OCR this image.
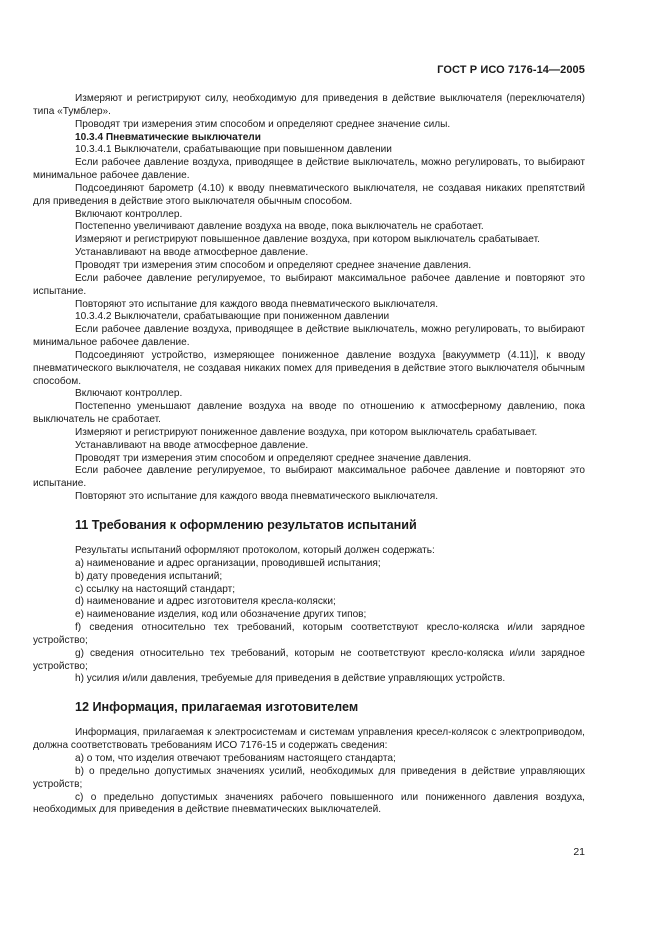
ГОСТ Р ИСО 7176-14—2005

Измеряют и регистрируют силу, необходимую для приведения в действие выключателя (переключателя) типа «Тумблер».

Проводят три измерения этим способом и определяют среднее значение силы.

10.3.4 Пневматические выключатели

10.3.4.1 Выключатели, срабатывающие при повышенном давлении

Если рабочее давление воздуха, приводящее в действие выключатель, можно регулировать, то выбирают минимальное рабочее давление.

Подсоединяют барометр (4.10) к вводу пневматического выключателя, не создавая никаких препятствий для приведения в действие этого выключателя обычным способом.

Включают контроллер.

Постепенно увеличивают давление воздуха на вводе, пока выключатель не сработает.

Измеряют и регистрируют повышенное давление воздуха, при котором выключатель срабатывает.

Устанавливают на вводе атмосферное давление.

Проводят три измерения этим способом и определяют среднее значение давления.

Если рабочее давление регулируемое, то выбирают максимальное рабочее давление и повторяют это испытание.

Повторяют это испытание для каждого ввода пневматического выключателя.

10.3.4.2 Выключатели, срабатывающие при пониженном давлении

Если рабочее давление воздуха, приводящее в действие выключатель, можно регулировать, то выбирают минимальное рабочее давление.

Подсоединяют устройство, измеряющее пониженное давление воздуха [вакуумметр (4.11)], к вводу пневматического выключателя, не создавая никаких помех для приведения в действие этого выключателя обычным способом.

Включают контроллер.

Постепенно уменьшают давление воздуха на вводе по отношению к атмосферному давлению, пока выключатель не сработает.

Измеряют и регистрируют пониженное давление воздуха, при котором выключатель срабатывает.

Устанавливают на вводе атмосферное давление.

Проводят три измерения этим способом и определяют среднее значение давления.

Если рабочее давление регулируемое, то выбирают максимальное рабочее давление и повторяют это испытание.

Повторяют это испытание для каждого ввода пневматического выключателя.

11 Требования к оформлению результатов испытаний

Результаты испытаний оформляют протоколом, который должен содержать:

а) наименование и адрес организации, проводившей испытания;

b) дату проведения испытаний;

c) ссылку на настоящий стандарт;

d) наименование и адрес изготовителя кресла-коляски;

e) наименование изделия, код или обозначение других типов;

f) сведения относительно тех требований, которым соответствуют кресло-коляска и/или зарядное устройство;

g) сведения относительно тех требований, которым не соответствуют кресло-коляска и/или зарядное устройство;

h) усилия и/или давления, требуемые для приведения в действие управляющих устройств.

12 Информация, прилагаемая изготовителем

Информация, прилагаемая к электросистемам и системам управления кресел-колясок с электроприводом, должна соответствовать требованиям ИСО 7176-15 и содержать сведения:

а) о том, что изделия отвечают требованиям настоящего стандарта;

b) о предельно допустимых значениях усилий, необходимых для приведения в действие управляющих устройств;

c) о предельно допустимых значениях рабочего повышенного или пониженного давления воздуха, необходимых для приведения в действие пневматических выключателей.

21
